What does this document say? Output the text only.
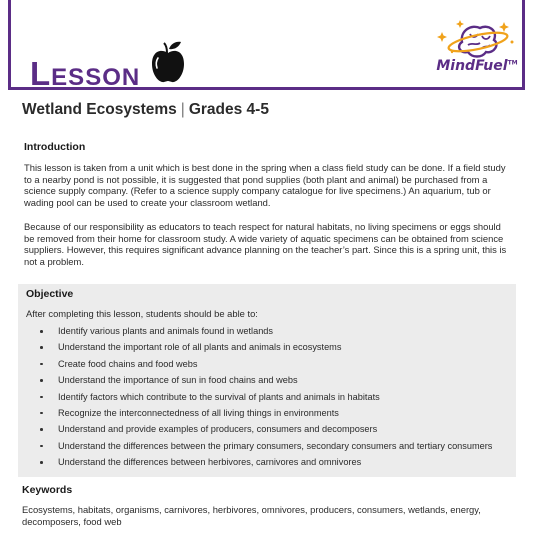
L ESSON	MindFuel™
Wetland Ecosystems | Grades 4-5
Introduction

This lesson is taken from a unit which is best done in the spring when a class field study can be done. If a field study to a nearby pond is not possible, it is suggested that pond supplies (both plant and animal) be purchased from a science supply company. (Refer to a science supply company catalogue for live specimens.) An aquarium, tub or wading pool can be used to create your classroom wetland.

Because of our responsibility as educators to teach respect for natural habitats, no living specimens or eggs should be removed from their home for classroom study. A wide variety of aquatic specimens can be obtained from science suppliers. However, this requires significant advance planning on the teacher’s part. Since this is a spring unit, this is not a problem.

Objective

After completing this lesson, students should be able to:

Identify various plants and animals found in wetlands
Understand the important role of all plants and animals in ecosystems
Create food chains and food webs
Understand the importance of sun in food chains and webs
Identify factors which contribute to the survival of plants and animals in habitats
Recognize the interconnectedness of all living things in environments
Understand and provide examples of producers, consumers and decomposers
Understand the differences between the primary consumers, secondary consumers and tertiary consumers
Understand the differences between herbivores, carnivores and omnivores
Keywords

Ecosystems, habitats, organisms, carnivores, herbivores, omnivores, producers, consumers, wetlands, energy, decomposers, food web
